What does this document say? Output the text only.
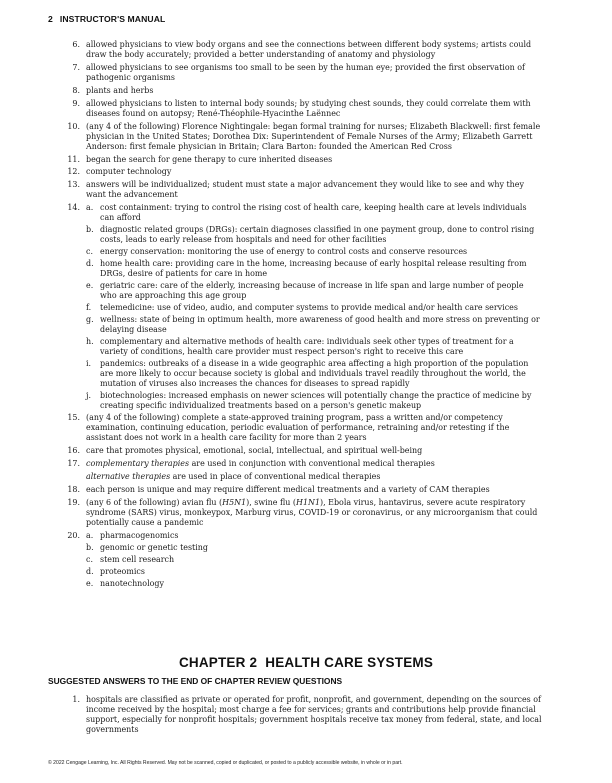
2 INSTRUCTOR'S MANUAL
6. allowed physicians to view body organs and see the connections between different body systems; artists could draw the body accurately; provided a better understanding of anatomy and physiology
7. allowed physicians to see organisms too small to be seen by the human eye; provided the first observation of pathogenic organisms
8. plants and herbs
9. allowed physicians to listen to internal body sounds; by studying chest sounds, they could correlate them with diseases found on autopsy; René-Théophile-Hyacinthe Laënnec
10. (any 4 of the following) Florence Nightingale: began formal training for nurses; Elizabeth Blackwell: first female physician in the United States; Dorothea Dix: Superintendent of Female Nurses of the Army; Elizabeth Garrett Anderson: first female physician in Britain; Clara Barton: founded the American Red Cross
11. began the search for gene therapy to cure inherited diseases
12. computer technology
13. answers will be individualized; student must state a major advancement they would like to see and why they want the advancement
14. a. cost containment: trying to control the rising cost of health care, keeping health care at levels individuals can afford
b. diagnostic related groups (DRGs): certain diagnoses classified in one payment group, done to control rising costs, leads to early release from hospitals and need for other facilities
c. energy conservation: monitoring the use of energy to control costs and conserve resources
d. home health care: providing care in the home, increasing because of early hospital release resulting from DRGs, desire of patients for care in home
e. geriatric care: care of the elderly, increasing because of increase in life span and large number of people who are approaching this age group
f. telemedicine: use of video, audio, and computer systems to provide medical and/or health care services
g. wellness: state of being in optimum health, more awareness of good health and more stress on preventing or delaying disease
h. complementary and alternative methods of health care: individuals seek other types of treatment for a variety of conditions, health care provider must respect person's right to receive this care
i. pandemics: outbreaks of a disease in a wide geographic area affecting a high proportion of the population are more likely to occur because society is global and individuals travel readily throughout the world, the mutation of viruses also increases the chances for diseases to spread rapidly
j. biotechnologies: increased emphasis on newer sciences will potentially change the practice of medicine by creating specific individualized treatments based on a person's genetic makeup
15. (any 4 of the following) complete a state-approved training program, pass a written and/or competency examination, continuing education, periodic evaluation of performance, retraining and/or retesting if the assistant does not work in a health care facility for more than 2 years
16. care that promotes physical, emotional, social, intellectual, and spiritual well-being
17. complementary therapies are used in conjunction with conventional medical therapies
alternative therapies are used in place of conventional medical therapies
18. each person is unique and may require different medical treatments and a variety of CAM therapies
19. (any 6 of the following) avian flu (H5N1), swine flu (H1N1), Ebola virus, hantavirus, severe acute respiratory syndrome (SARS) virus, monkeypox, Marburg virus, COVID-19 or coronavirus, or any microorganism that could potentially cause a pandemic
20. a. pharmacogenomics
b. genomic or genetic testing
c. stem cell research
d. proteomics
e. nanotechnology
CHAPTER 2 HEALTH CARE SYSTEMS
SUGGESTED ANSWERS TO THE END OF CHAPTER REVIEW QUESTIONS
1. hospitals are classified as private or operated for profit, nonprofit, and government, depending on the sources of income received by the hospital; most charge a fee for services; grants and contributions help provide financial support, especially for nonprofit hospitals; government hospitals receive tax money from federal, state, and local governments
© 2022 Cengage Learning, Inc. All Rights Reserved. May not be scanned, copied or duplicated, or posted to a publicly accessible website, in whole or in part.
